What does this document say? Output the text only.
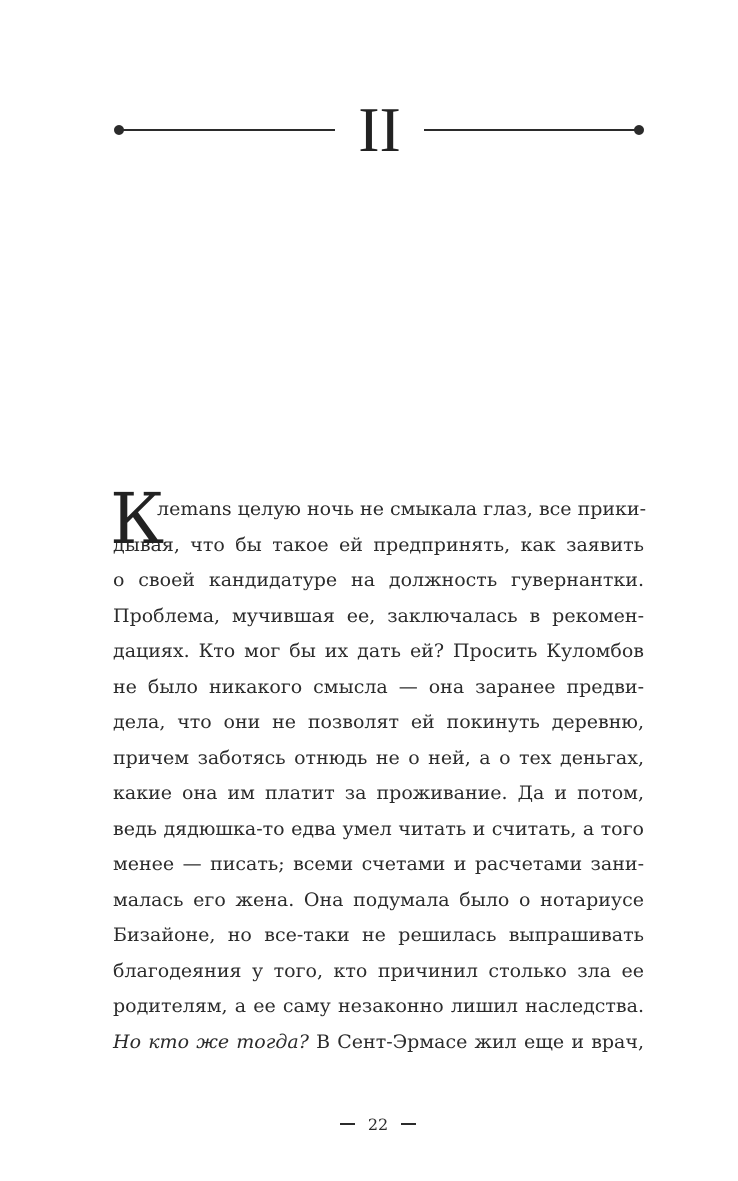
II
К
лemans целую ночь не смыкала глаз, все прики-
дывая, что бы такое ей предпринять, как заявить
о своей кандидатуре на должность гувернантки.
Проблема, мучившая ее, заключалась в рекомен-
дациях. Кто мог бы их дать ей? Просить Куломбов
не было никакого смысла — она заранее предви-
дела, что они не позволят ей покинуть деревню,
причем заботясь отнюдь не о ней, а о тех деньгах,
какие она им платит за проживание. Да и потом,
ведь дядюшка-то едва умел читать и считать, а того
менее — писать; всеми счетами и расчетами зани-
малась его жена. Она подумала было о нотариусе
Бизайоне, но все-таки не решилась выпрашивать
благодеяния у того, кто причинил столько зла ее
родителям, а ее саму незаконно лишил наследства.
Но кто же тогда? В Сент-Эрмасе жил еще и врач,
22
